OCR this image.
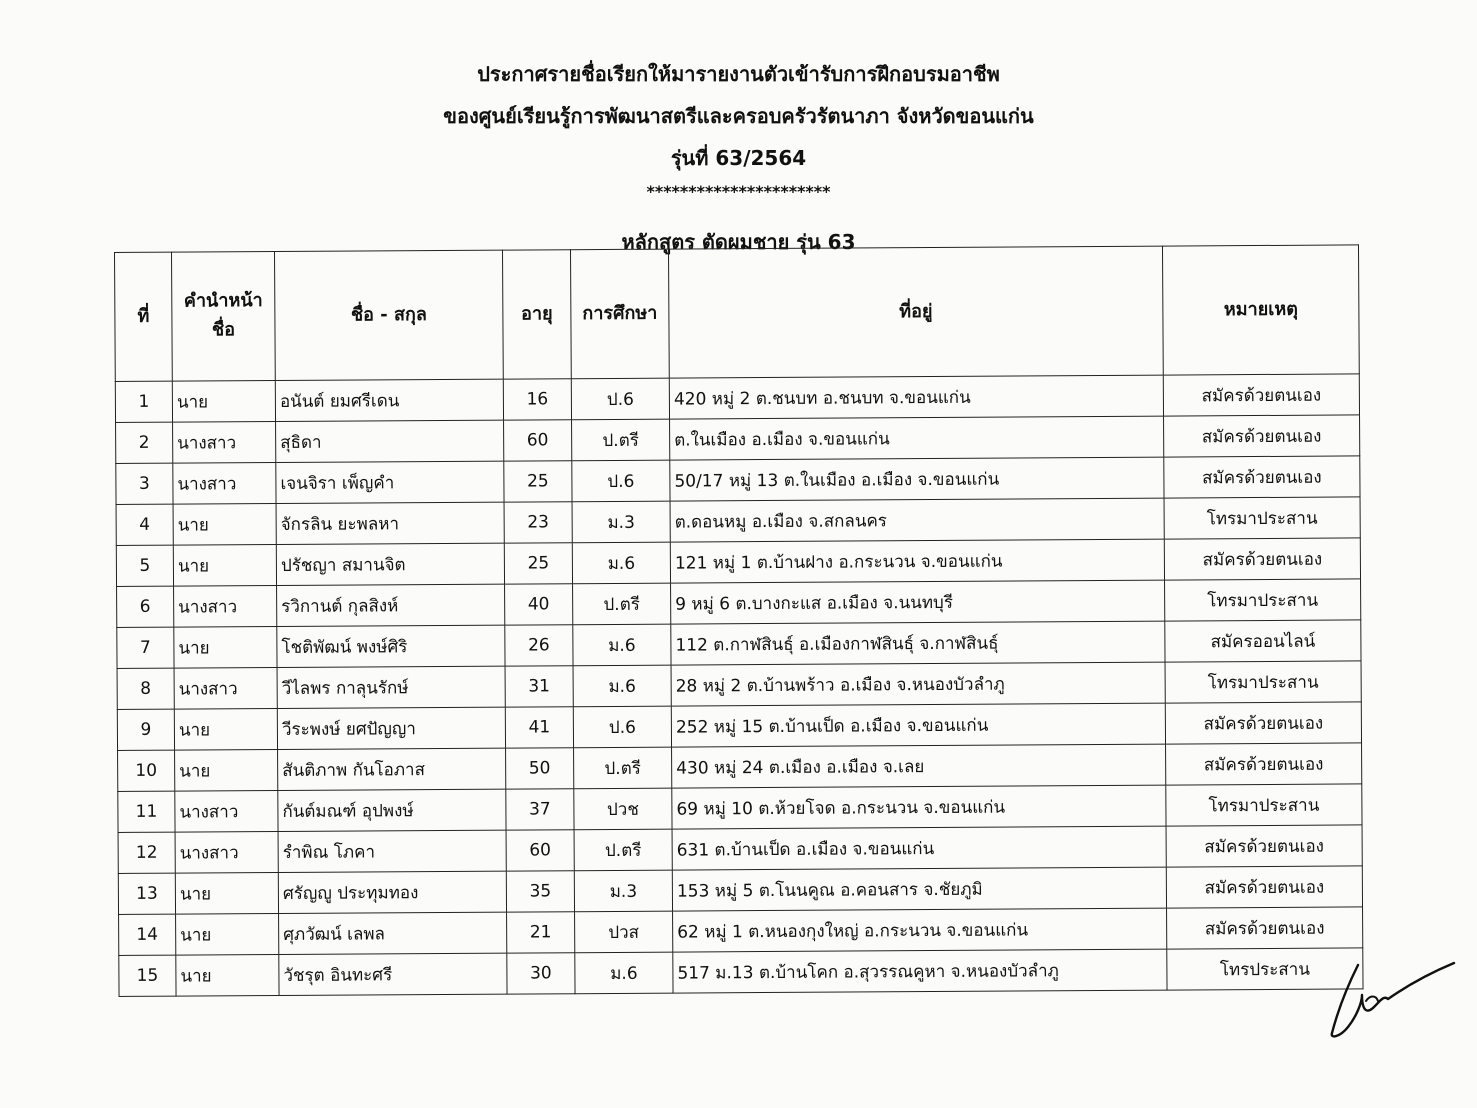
ประกาศรายชื่อเรียกให้มารายงานตัวเข้ารับการฝึกอบรมอาชีพ
ของศูนย์เรียนรู้การพัฒนาสตรีและครอบครัวรัตนาภา จังหวัดขอนแก่น
รุ่นที่ 63/2564
**********************
หลักสูตร ตัดผมชาย รุ่น 63
ที่	คำนำหน้าชื่อ	ชื่อ - สกุล	อายุ	การศึกษา	ที่อยู่	หมายเหตุ
1	นาย	อนันต์ ยมศรีเดน	16	ป.6	420 หมู่ 2 ต.ชนบท อ.ชนบท จ.ขอนแก่น	สมัครด้วยตนเอง
2	นางสาว	สุธิดา	60	ป.ตรี	ต.ในเมือง อ.เมือง จ.ขอนแก่น	สมัครด้วยตนเอง
3	นางสาว	เจนจิรา เพ็ญคำ	25	ป.6	50/17 หมู่ 13 ต.ในเมือง อ.เมือง จ.ขอนแก่น	สมัครด้วยตนเอง
4	นาย	จักรลิน ยะพลหา	23	ม.3	ต.ดอนหมู อ.เมือง จ.สกลนคร	โทรมาประสาน
5	นาย	ปรัชญา สมานจิต	25	ม.6	121 หมู่ 1 ต.บ้านฝาง อ.กระนวน จ.ขอนแก่น	สมัครด้วยตนเอง
6	นางสาว	รวิกานต์ กุลสิงห์	40	ป.ตรี	9 หมู่ 6 ต.บางกะแส อ.เมือง จ.นนทบุรี	โทรมาประสาน
7	นาย	โชติพัฒน์ พงษ์ศิริ	26	ม.6	112 ต.กาฬสินธุ์ อ.เมืองกาฬสินธุ์ จ.กาฬสินธุ์	สมัครออนไลน์
8	นางสาว	วีไลพร กาลุนรักษ์	31	ม.6	28 หมู่ 2 ต.บ้านพร้าว อ.เมือง จ.หนองบัวลำภู	โทรมาประสาน
9	นาย	วีระพงษ์ ยศปัญญา	41	ป.6	252 หมู่ 15 ต.บ้านเป็ด อ.เมือง จ.ขอนแก่น	สมัครด้วยตนเอง
10	นาย	สันติภาพ กันโอภาส	50	ป.ตรี	430 หมู่ 24 ต.เมือง อ.เมือง จ.เลย	สมัครด้วยตนเอง
11	นางสาว	กันต์มณฑ์ อุปพงษ์	37	ปวช	69 หมู่ 10 ต.ห้วยโจด อ.กระนวน จ.ขอนแก่น	โทรมาประสาน
12	นางสาว	รำพิณ โภคา	60	ป.ตรี	631 ต.บ้านเป็ด อ.เมือง จ.ขอนแก่น	สมัครด้วยตนเอง
13	นาย	ศรัญญู ประทุมทอง	35	ม.3	153 หมู่ 5 ต.โนนคูณ อ.คอนสาร จ.ชัยภูมิ	สมัครด้วยตนเอง
14	นาย	ศุภวัฒน์ เลพล	21	ปวส	62 หมู่ 1 ต.หนองกุงใหญ่ อ.กระนวน จ.ขอนแก่น	สมัครด้วยตนเอง
15	นาย	วัชรุต อินทะศรี	30	ม.6	517 ม.13 ต.บ้านโคก อ.สุวรรณคูหา จ.หนองบัวลำภู	โทรประสาน
